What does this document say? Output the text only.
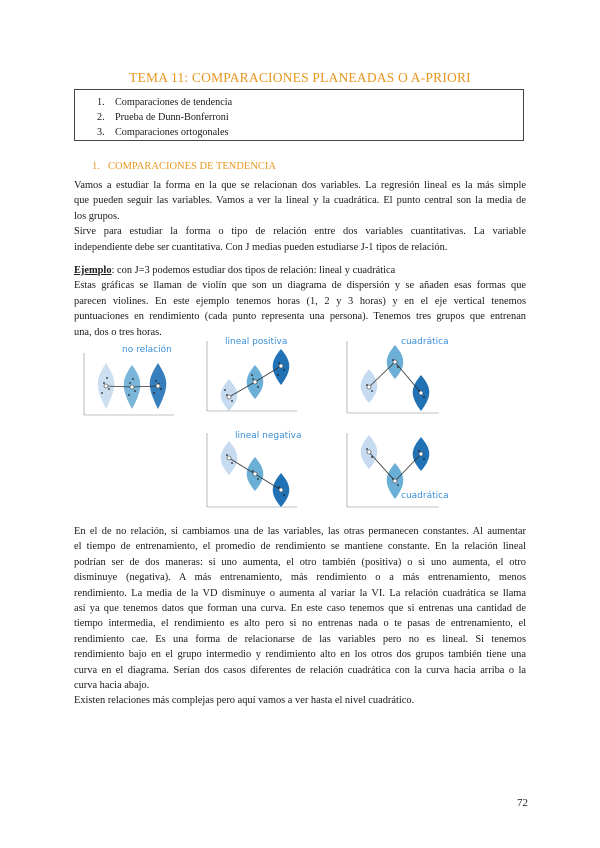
TEMA 11: COMPARACIONES PLANEADAS O A-PRIORI
1. Comparaciones de tendencia
2. Prueba de Dunn-Bonferroni
3. Comparaciones ortogonales
1. COMPARACIONES DE TENDENCIA
Vamos a estudiar la forma en la que se relacionan dos variables. La regresión lineal es la más simple
que pueden seguir las variables. Vamos a ver la lineal y la cuadrática. El punto central son la media de
los grupos.
Sirve para estudiar la forma o tipo de relación entre dos variables cuantitativas. La variable
independiente debe ser cuantitativa. Con J medias pueden estudiarse J-1 tipos de relación.
Ejemplo: con J=3 podemos estudiar dos tipos de relación: lineal y cuadrática
Estas gráficas se llaman de violín que son un diagrama de dispersión y se añaden esas formas que
parecen violines. En este ejemplo tenemos horas (1, 2 y 3 horas) y en el eje vertical tenemos
puntuaciones en rendimiento (cada punto representa una persona). Tenemos tres grupos que entrenan
una, dos o tres horas.
no relación
lineal positiva	cuadrática
lineal negativa
cuadrática
En el de no relación, si cambiamos una de las variables, las otras permanecen constantes. Al aumentar
el tiempo de entrenamiento, el promedio de rendimiento se mantiene constante. En la relación lineal
podrían ser de dos maneras: si uno aumenta, el otro también (positiva) o si uno aumenta, el otro
disminuye (negativa). A más entrenamiento, más rendimiento o a más entrenamiento, menos
rendimiento. La media de la VD disminuye o aumenta al variar la VI. La relación cuadrática se llama
así ya que tenemos datos que forman una curva. En este caso tenemos que si entrenas una cantidad de
tiempo intermedia, el rendimiento es alto pero si no entrenas nada o te pasas de entrenamiento, el
rendimiento cae. Es una forma de relacionarse de las variables pero no es lineal. Si tenemos
rendimiento bajo en el grupo intermedio y rendimiento alto en los otros dos grupos también tiene una
curva en el diagrama. Serían dos casos diferentes de relación cuadrática con la curva hacia arriba o la
curva hacia abajo.
Existen relaciones más complejas pero aquí vamos a ver hasta el nivel cuadrático.
72
